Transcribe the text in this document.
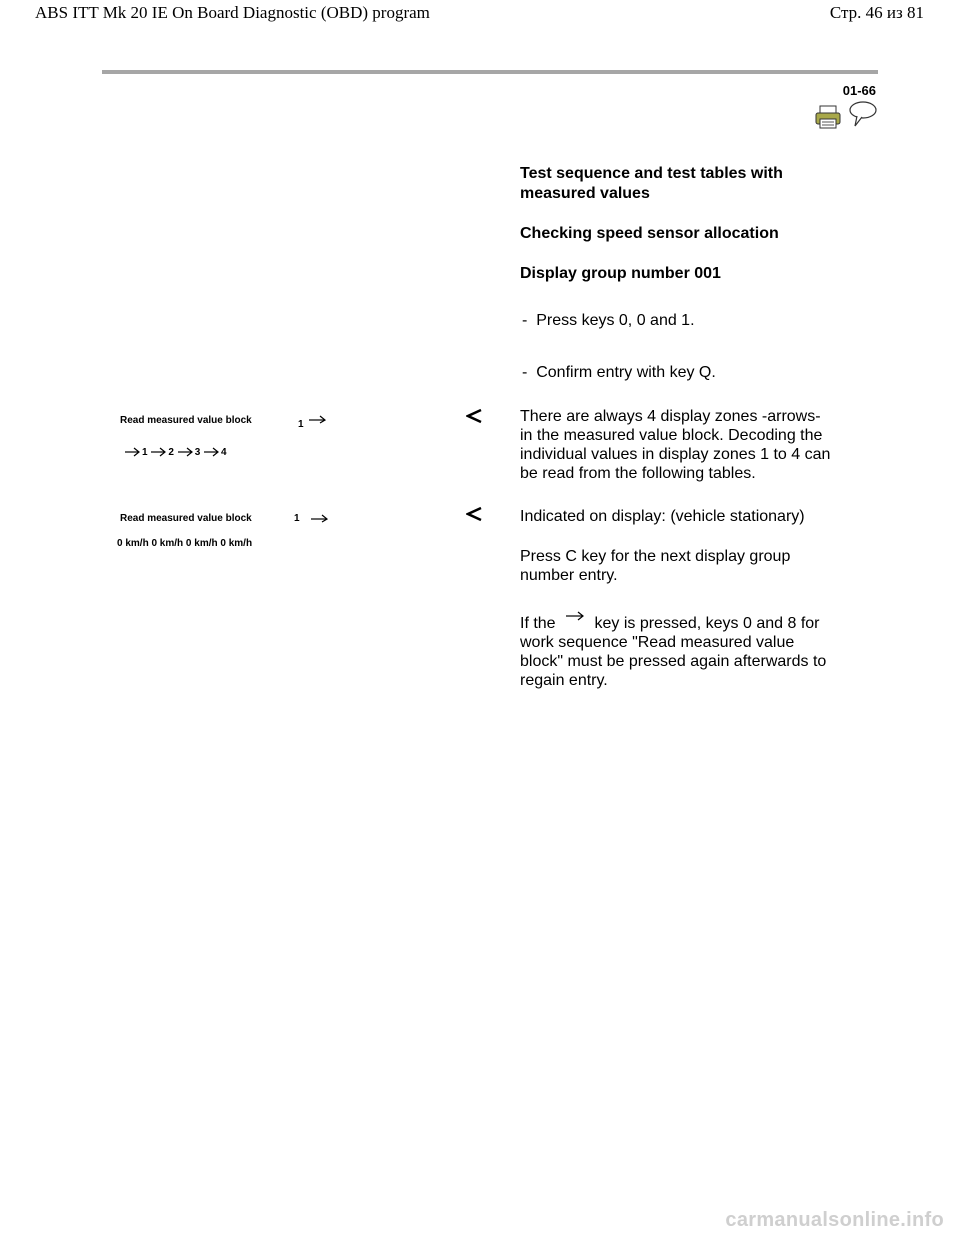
ABS ITT Mk 20 IE On Board Diagnostic (OBD) program	Стр. 46 из 81
01-66
Test sequence and test tables with
measured values
Checking speed sensor allocation
Display group number 001
- Press keys 0, 0 and 1.
- Confirm entry with key Q.
Read measured value block	1
1 2 3 4
There are always 4 display zones -arrows-
in the measured value block. Decoding the
individual values in display zones 1 to 4 can
be read from the following tables.
Read measured value block	1
0 km/h 0 km/h 0 km/h 0 km/h
Indicated on display: (vehicle stationary)
Press C key for the next display group
number entry.
If the key is pressed, keys 0 and 8 for
work sequence "Read measured value
block" must be pressed again afterwards to
regain entry.
carmanualsonline.info
